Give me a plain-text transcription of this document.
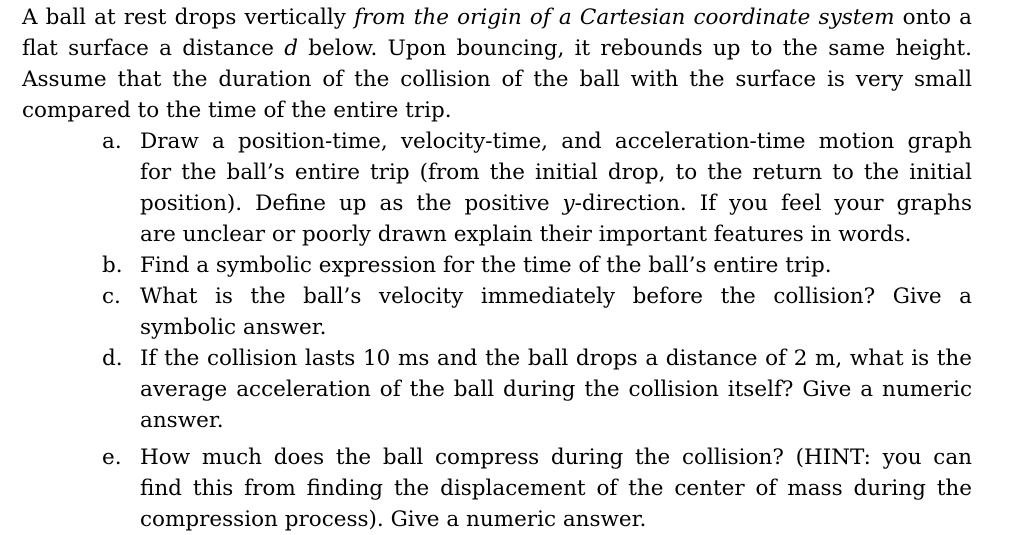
A ball at rest drops vertically from the origin of a Cartesian coordinate system onto a
flat surface a distance d below. Upon bouncing, it rebounds up to the same height.
Assume that the duration of the collision of the ball with the surface is very small
compared to the time of the entire trip.
a. Draw a position-time, velocity-time, and acceleration-time motion graph
for the ball’s entire trip (from the initial drop, to the return to the initial
position). Define up as the positive y-direction. If you feel your graphs
are unclear or poorly drawn explain their important features in words.
b. Find a symbolic expression for the time of the ball’s entire trip.
c. What is the ball’s velocity immediately before the collision? Give a
symbolic answer.
d. If the collision lasts 10 ms and the ball drops a distance of 2 m, what is the
average acceleration of the ball during the collision itself? Give a numeric
answer.
e. How much does the ball compress during the collision? (HINT: you can
find this from finding the displacement of the center of mass during the
compression process). Give a numeric answer.
